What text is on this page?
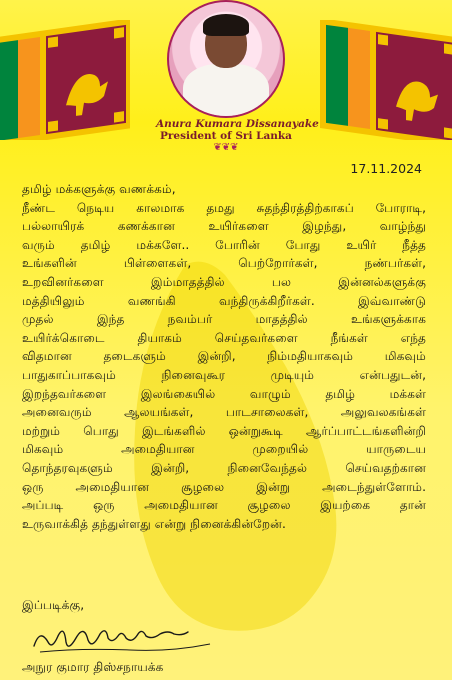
Anura Kumara Dissanayake
President of Sri Lanka
❦❦❦
17.11.2024
தமிழ் மக்களுக்கு வணக்கம்,
நீண்ட நெடிய காலமாக தமது சுதந்திரத்திற்காகப் போராடி,
பல்லாயிரக் கணக்கான உயிர்களை இழந்து, வாழ்ந்து
வரும் தமிழ் மக்களே.. போரின் போது உயிர் நீத்த
உங்களின் பிள்ளைகள், பெற்றோர்கள், நண்பர்கள்,
உறவினர்களை இம்மாதத்தில் பல இன்னல்களுக்கு
மத்தியிலும் வணங்கி வந்திருக்கிறீர்கள். இவ்வாண்டு
முதல் இந்த நவம்பர் மாதத்தில் உங்களுக்காக
உயிர்க்கொடை தியாகம் செய்தவர்களை நீங்கள் எந்த
விதமான தடைகளும் இன்றி, நிம்மதியாகவும் மிகவும்
பாதுகாப்பாகவும் நினைவுகூர முடியும் என்பதுடன்,
இறந்தவர்களை இலங்கையில் வாழும் தமிழ் மக்கள்
அனைவரும் ஆலயங்கள், பாடசாலைகள், அலுவலகங்கள்
மற்றும் பொது இடங்களில் ஒன்றுகூடி ஆர்ப்பாட்டங்களின்றி
மிகவும் அமைதியான முறையில் யாருடைய
தொந்தரவுகளும் இன்றி, நினைவேந்தல் செய்வதற்கான
ஒரு அமைதியான சூழலை இன்று அடைந்துள்ளோம்.
அப்படி ஒரு அமைதியான சூழலை இயற்கை தான்
உருவாக்கித் தந்துள்ளது என்று நினைக்கின்றேன்.
இப்படிக்கு,
அநுர குமார திஸ்சநாயக்க
